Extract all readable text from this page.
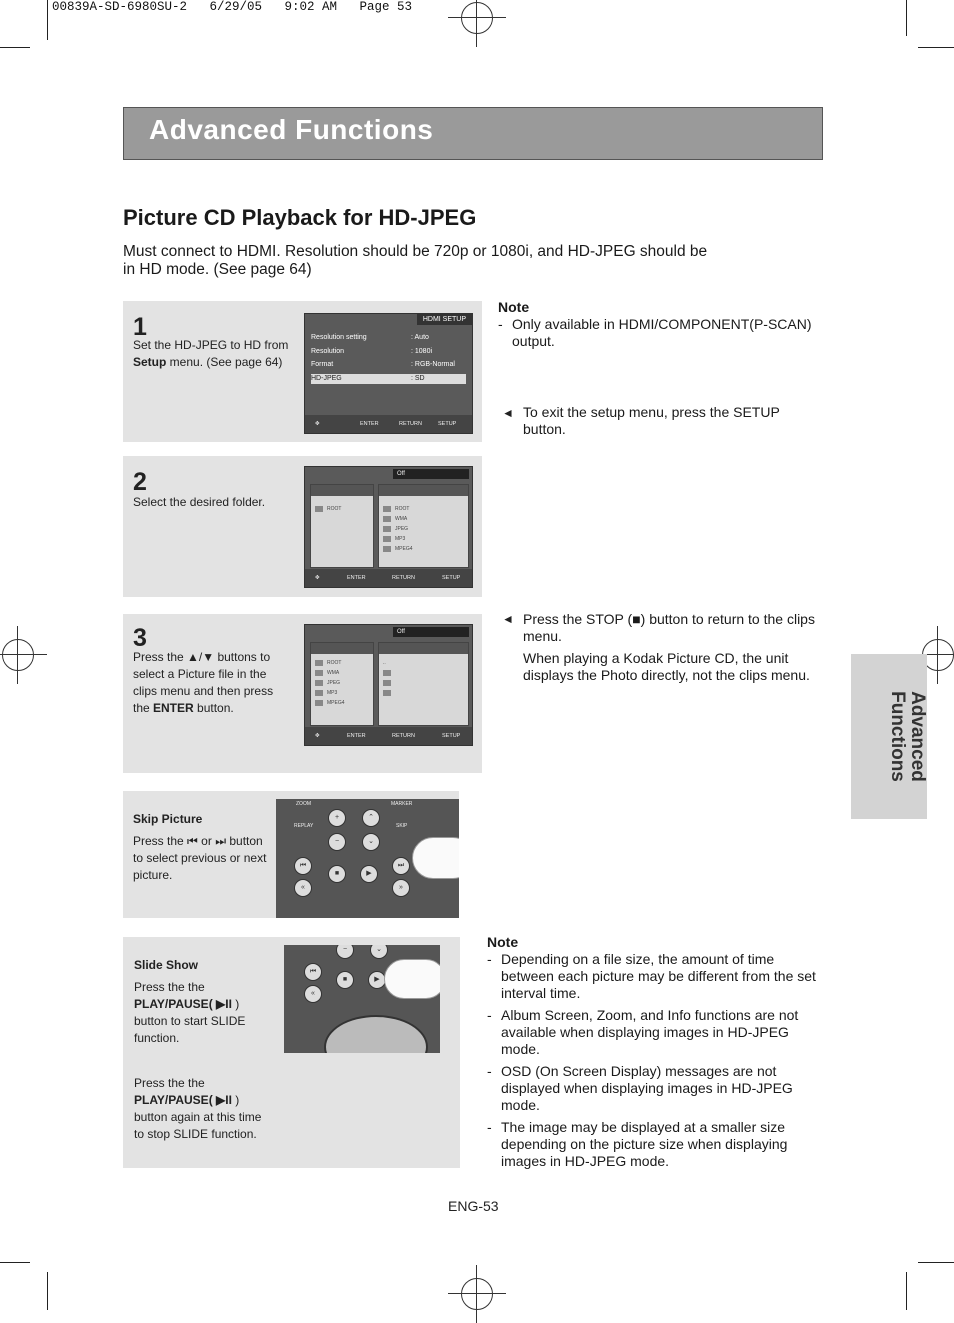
00839A-SD-6980SU-2   6/29/05   9:02 AM   Page 53
Advanced Functions
Picture CD Playback for HD-JPEG
Must connect to HDMI. Resolution should be 720p or 1080i, and HD-JPEG should be in HD mode. (See page 64)
1
Set the HD-JPEG to HD from Setup menu. (See page 64)
HDMI SETUP
Resolution setting	: Auto
Resolution	: 1080i
Format	: RGB-Normal
HD-JPEG	: SD
✥	ENTER	RETURN	SETUP
2
Select the desired folder.
Off
ROOT	ROOT
WMA
JPEG
MP3
MPEG4
✥	ENTER	RETURN	SETUP
3
Press the ▲/▼ buttons to select a Picture file in the clips menu and then press the ENTER button.
Off
ROOT
WMA
JPEG
MP3
MPEG4
..
✥	ENTER	RETURN	SETUP
Skip Picture
Press the ⏮ or ⏭ button to select previous or next picture.
ZOOM	MARKER
REPLAY	SKIP
+
−
⌃
⌄
⏮
■	▶
⏭
«	»
Slide Show
Press the the
PLAY/PAUSE( ▶II )
button to start SLIDE function.
Press the the
PLAY/PAUSE( ▶II )
button again at this time to stop SLIDE function.
⏮
■	▶
«
−	⌄
Note
- Only available in HDMI/COMPONENT(P-SCAN) output.
◄ To exit the setup menu, press the SETUP button.
◄ Press the STOP (■) button to return to the clips menu.
When playing a Kodak Picture CD, the unit displays the Photo directly, not the clips menu.
Advanced Functions
Note
- Depending on a file size, the amount of time between each picture may be different from the set interval time.
- Album Screen, Zoom, and Info functions are not available when displaying images in HD-JPEG mode.
- OSD (On Screen Display) messages are not displayed when displaying images in HD-JPEG mode.
- The image may be displayed at a smaller size depending on the picture size when displaying images in HD-JPEG mode.
ENG-53
